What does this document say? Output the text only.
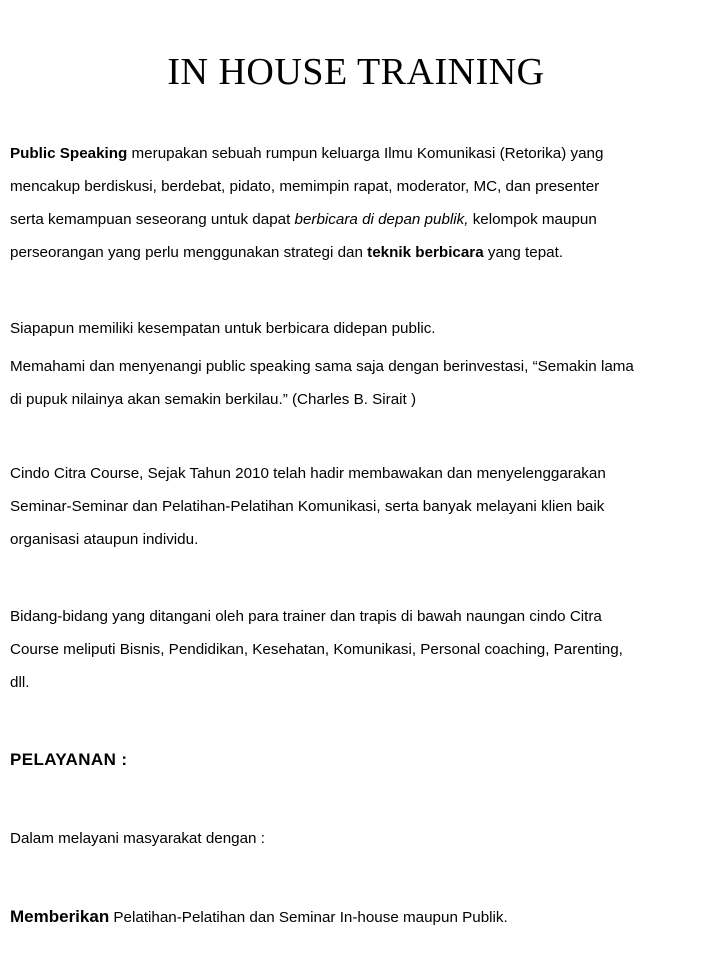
IN HOUSE TRAINING
Public Speaking merupakan sebuah rumpun keluarga Ilmu Komunikasi (Retorika) yang
mencakup berdiskusi, berdebat, pidato, memimpin rapat, moderator, MC, dan presenter
serta kemampuan seseorang untuk dapat berbicara di depan publik, kelompok maupun
perseorangan yang perlu menggunakan strategi dan teknik berbicara yang tepat.
Siapapun memiliki kesempatan untuk berbicara didepan public.
Memahami dan menyenangi public speaking sama saja dengan berinvestasi, “Semakin lama
di pupuk nilainya akan semakin berkilau.” (Charles B. Sirait )
Cindo Citra Course, Sejak Tahun 2010 telah hadir membawakan dan menyelenggarakan
Seminar-Seminar dan Pelatihan-Pelatihan Komunikasi, serta banyak melayani klien baik
organisasi ataupun individu.
Bidang-bidang yang ditangani oleh para trainer dan trapis di bawah naungan cindo Citra
Course meliputi Bisnis, Pendidikan, Kesehatan, Komunikasi, Personal coaching, Parenting,
dll.
PELAYANAN :
Dalam melayani masyarakat dengan :
Memberikan Pelatihan-Pelatihan dan Seminar In-house maupun Publik.
